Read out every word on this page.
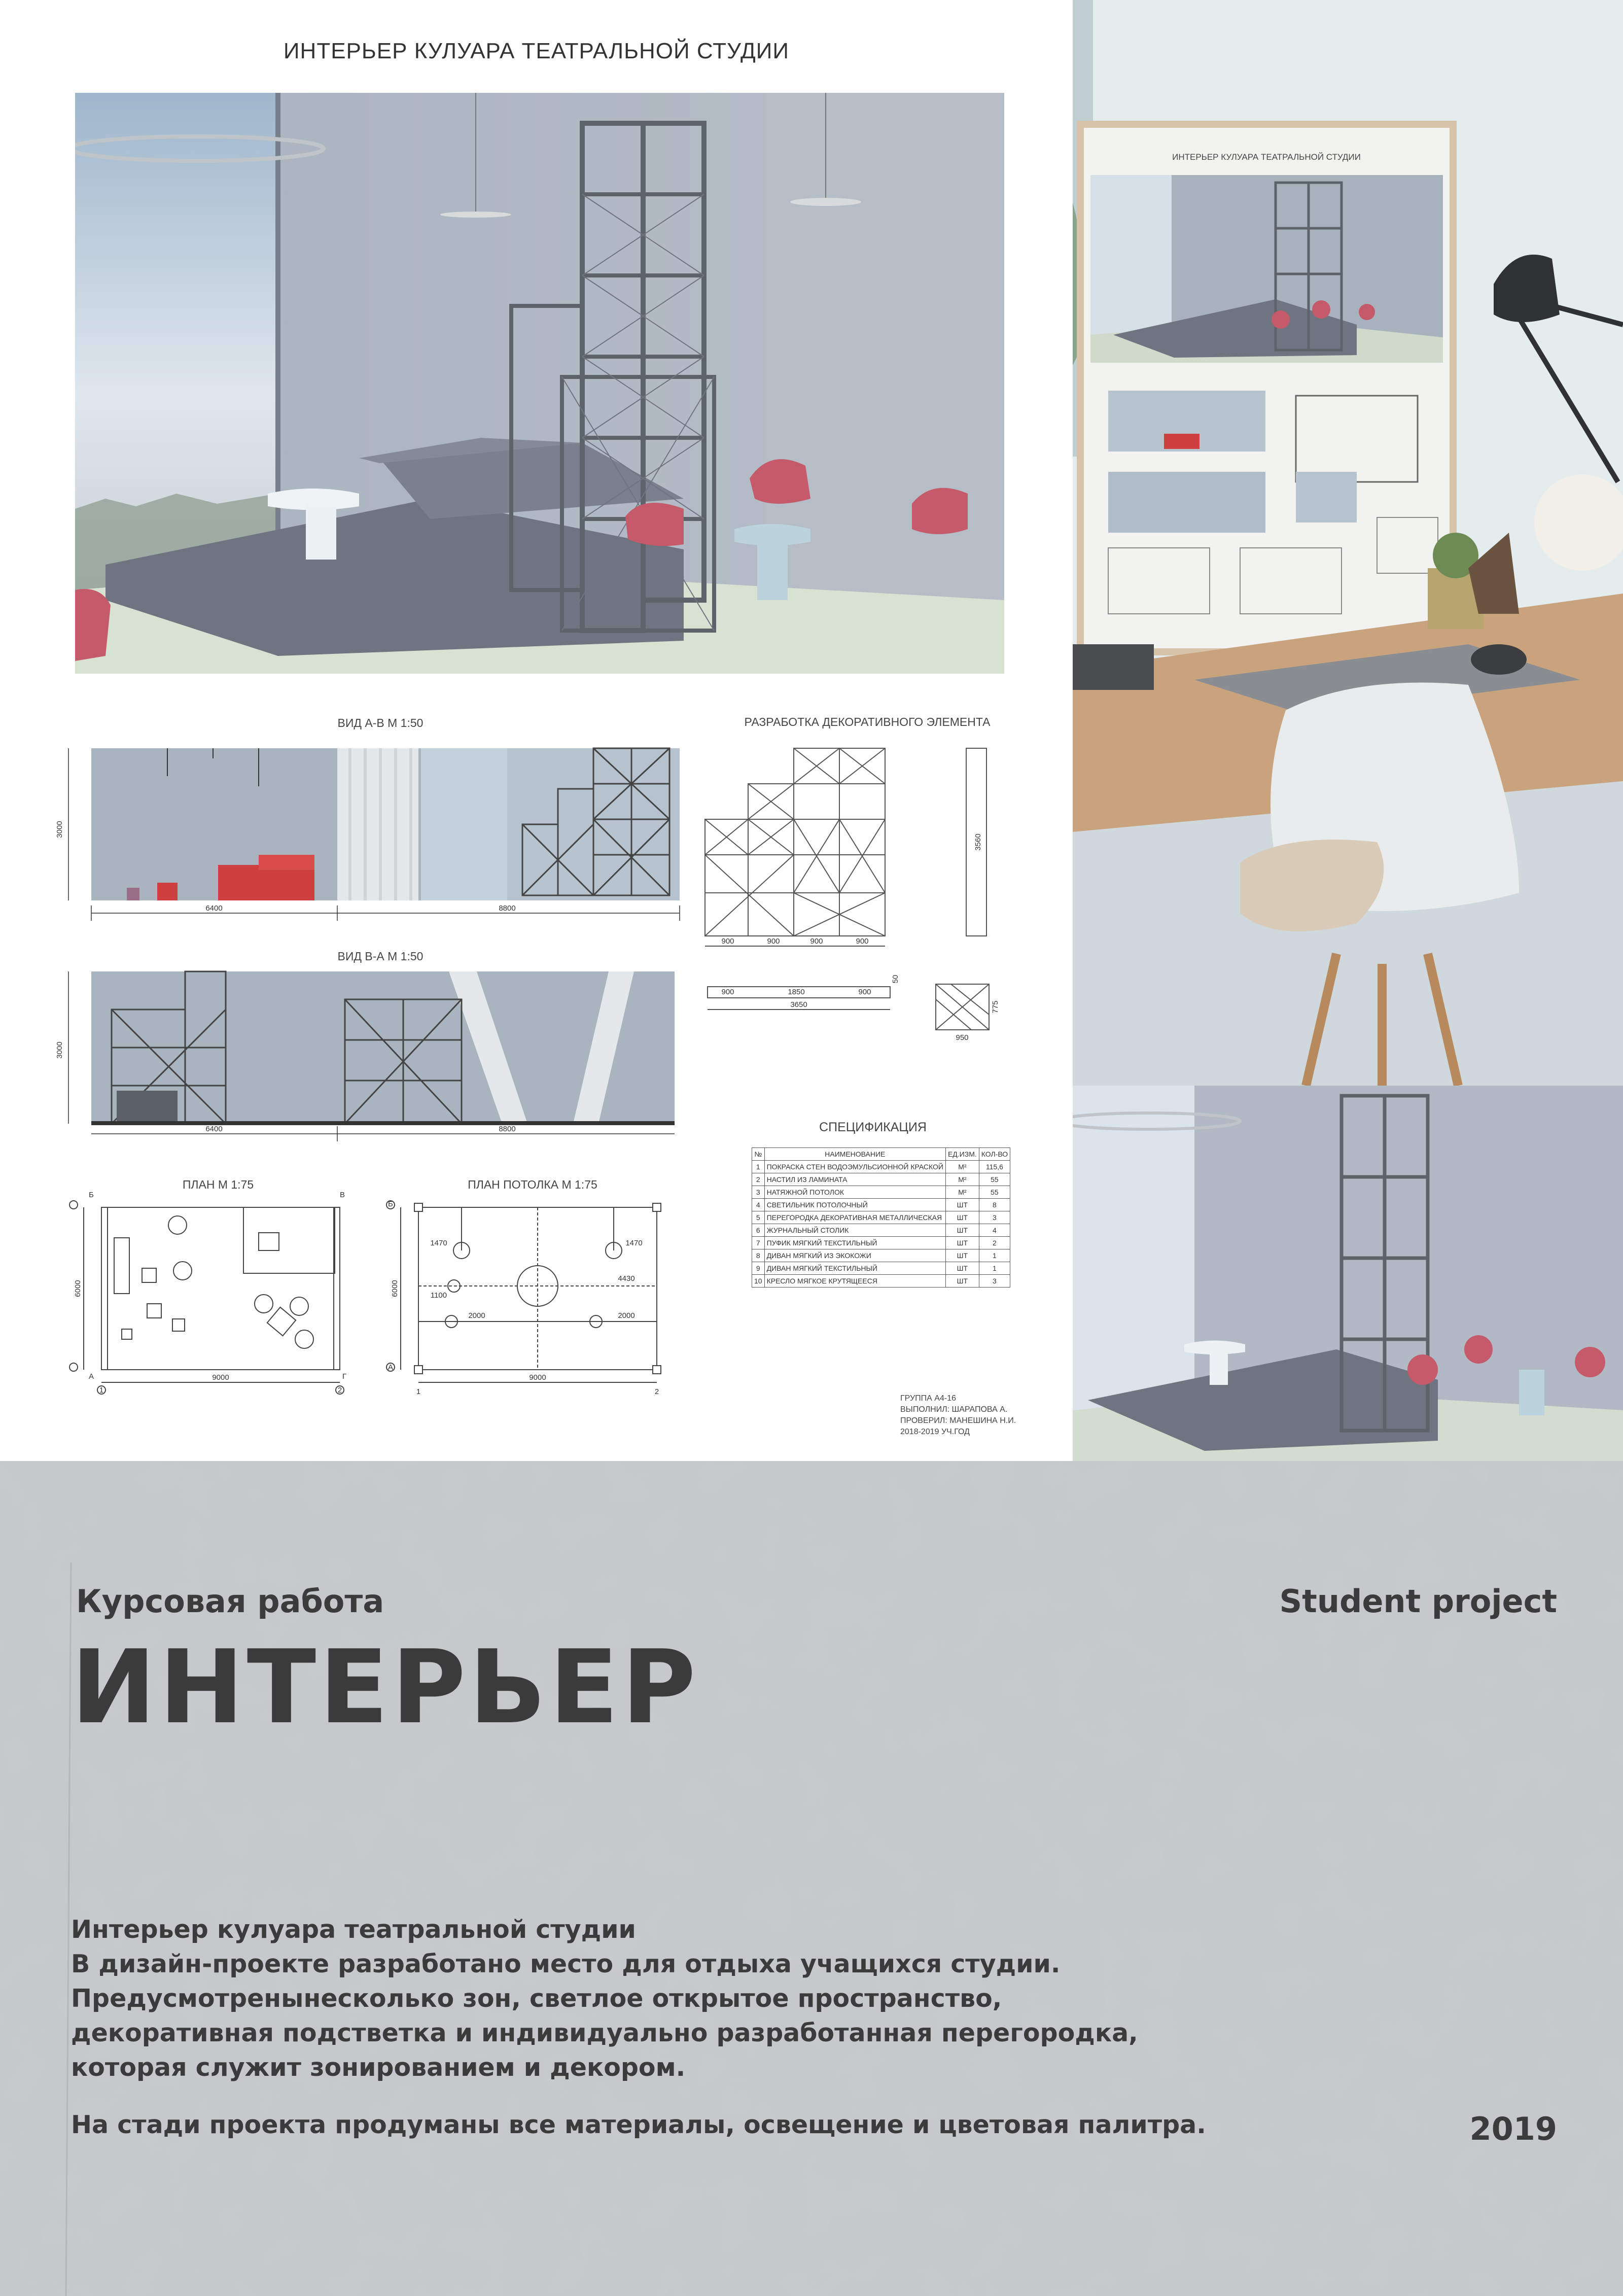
ИНТЕРЬЕР КУЛУАРА ТЕАТРАЛЬНОЙ СТУДИИ
ВИД А-В М 1:50
3000
6400	8800
ВИД В-А М 1:50
3000
6400	8800
РАЗРАБОТКА ДЕКОРАТИВНОГО ЭЛЕМЕНТА
900	900	900	900
3560
900	1850	900
3650
50
775
950
ПЛАН М 1:75
9000
6000
Б	В
А	Г
1	2
ПЛАН ПОТОЛКА М 1:75
1470	1470
4430
2000	2000
1100
9000
6000
Б
А
1	2
СПЕЦИФИКАЦИЯ
№	НАИМЕНОВАНИЕ	ЕД.ИЗМ.	КОЛ-ВО
1	ПОКРАСКА СТЕН ВОДОЭМУЛЬСИОННОЙ КРАСКОЙ	М²	115,6
2	НАСТИЛ ИЗ ЛАМИНАТА	М²	55
3	НАТЯЖНОЙ ПОТОЛОК	М²	55
4	СВЕТИЛЬНИК ПОТОЛОЧНЫЙ	ШТ	8
5	ПЕРЕГОРОДКА ДЕКОРАТИВНАЯ МЕТАЛЛИЧЕСКАЯ	ШТ	3
6	ЖУРНАЛЬНЫЙ СТОЛИК	ШТ	4
7	ПУФИК МЯГКИЙ ТЕКСТИЛЬНЫЙ	ШТ	2
8	ДИВАН МЯГКИЙ ИЗ ЭКОКОЖИ	ШТ	1
9	ДИВАН МЯГКИЙ ТЕКСТИЛЬНЫЙ	ШТ	1
10	КРЕСЛО МЯГКОЕ КРУТЯЩЕЕСЯ	ШТ	3
ГРУППА А4-16
ВЫПОЛНИЛ: ШАРАПОВА А.
ПРОВЕРИЛ: МАНЕШИНА Н.И.
2018-2019 УЧ.ГОД
ИНТЕРЬЕР КУЛУАРА ТЕАТРАЛЬНОЙ СТУДИИ
Курсовая работа	Student project
ИНТЕРЬЕР
Интерьер кулуара театральной студии
В дизайн-проекте разработано место для отдыха учащихся студии.
Предусмотренынесколько зон, светлое открытое пространство,
декоративная подстветка и индивидуально разработанная перегородка,
которая служит зонированием и декором.
На стади проекта продуманы все материалы, освещение и цветовая палитра.	2019
